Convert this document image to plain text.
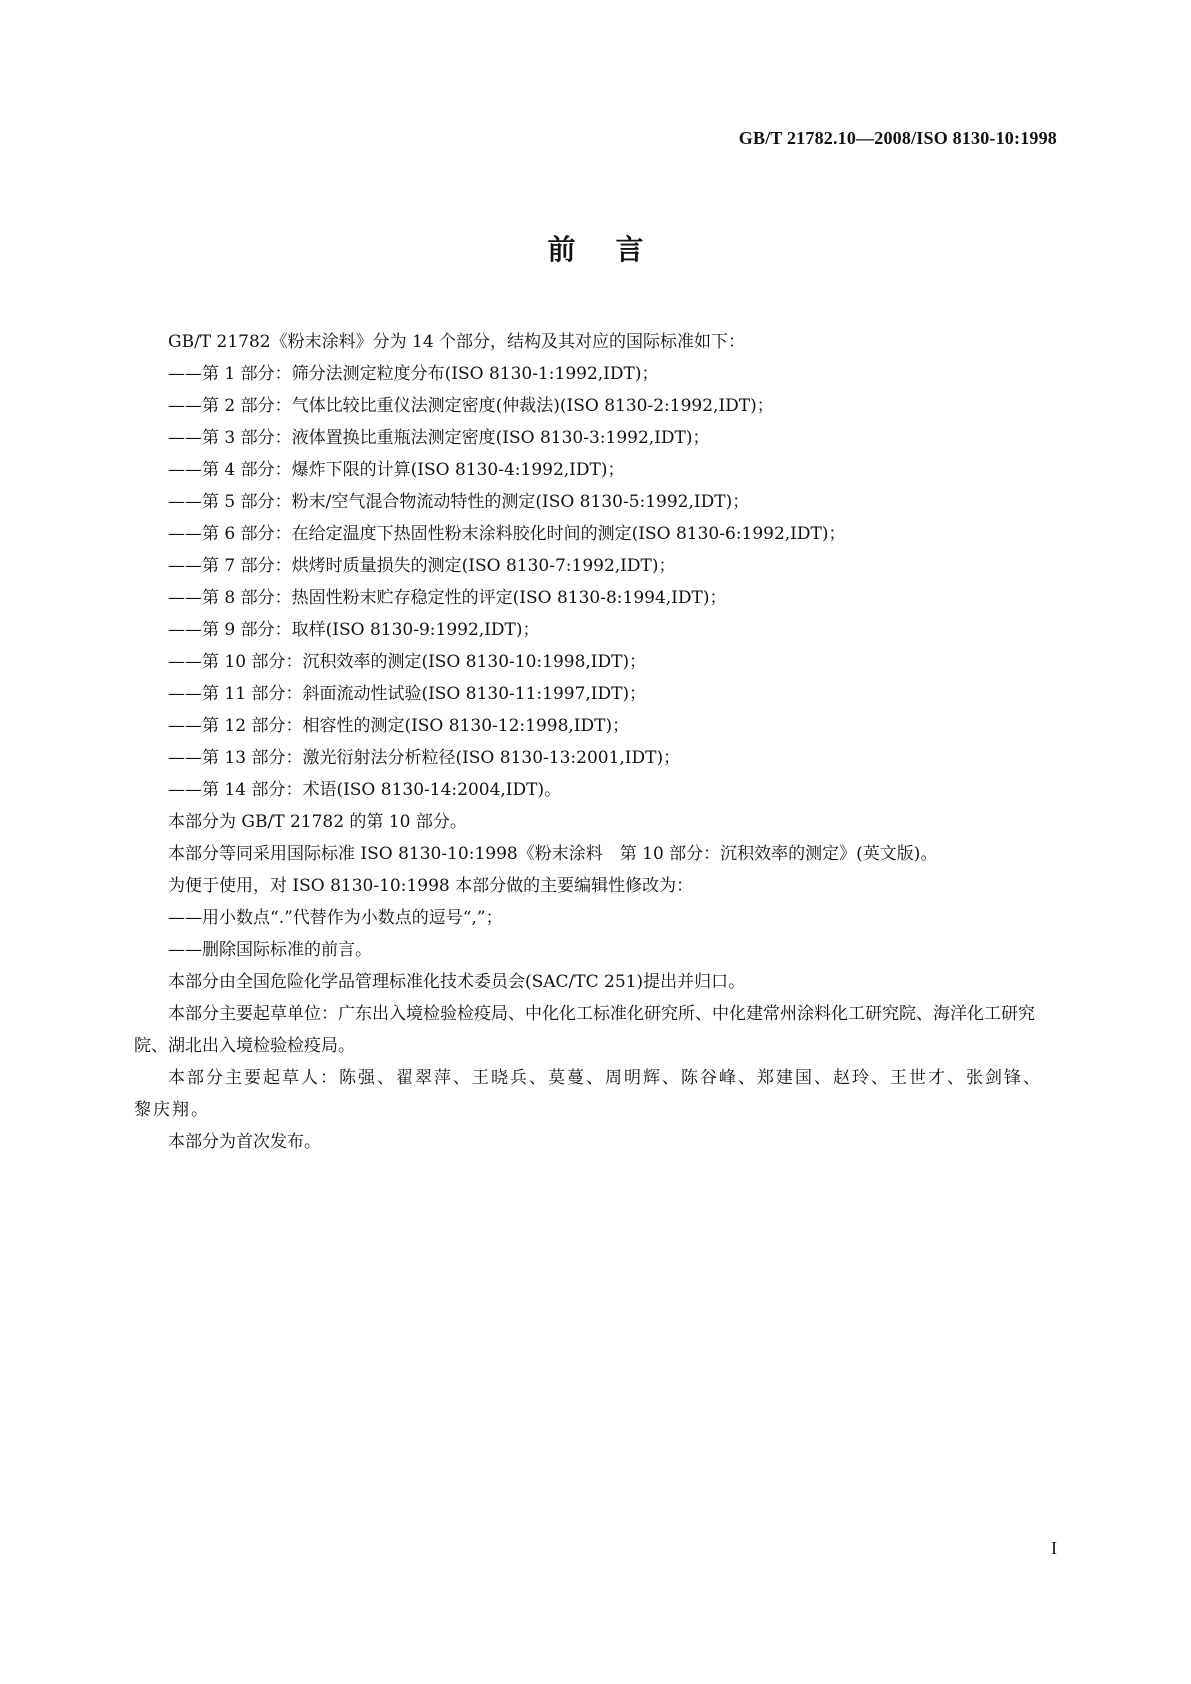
GB/T 21782.10—2008/ISO 8130-10:1998
前言

GB/T 21782《粉末涂料》分为 14 个部分，结构及其对应的国际标准如下：

——第 1 部分：筛分法测定粒度分布(ISO 8130-1:1992,IDT)；

——第 2 部分：气体比较比重仪法测定密度(仲裁法)(ISO 8130-2:1992,IDT)；

——第 3 部分：液体置换比重瓶法测定密度(ISO 8130-3:1992,IDT)；

——第 4 部分：爆炸下限的计算(ISO 8130-4:1992,IDT)；

——第 5 部分：粉末/空气混合物流动特性的测定(ISO 8130-5:1992,IDT)；

——第 6 部分：在给定温度下热固性粉末涂料胶化时间的测定(ISO 8130-6:1992,IDT)；

——第 7 部分：烘烤时质量损失的测定(ISO 8130-7:1992,IDT)；

——第 8 部分：热固性粉末贮存稳定性的评定(ISO 8130-8:1994,IDT)；

——第 9 部分：取样(ISO 8130-9:1992,IDT)；

——第 10 部分：沉积效率的测定(ISO 8130-10:1998,IDT)；

——第 11 部分：斜面流动性试验(ISO 8130-11:1997,IDT)；

——第 12 部分：相容性的测定(ISO 8130-12:1998,IDT)；

——第 13 部分：激光衍射法分析粒径(ISO 8130-13:2001,IDT)；

——第 14 部分：术语(ISO 8130-14:2004,IDT)。

本部分为 GB/T 21782 的第 10 部分。

本部分等同采用国际标准 ISO 8130-10:1998《粉末涂料　第 10 部分：沉积效率的测定》(英文版)。

为便于使用，对 ISO 8130-10:1998 本部分做的主要编辑性修改为：

——用小数点“.”代替作为小数点的逗号“,”；

——删除国际标准的前言。

本部分由全国危险化学品管理标准化技术委员会(SAC/TC 251)提出并归口。

本部分主要起草单位：广东出入境检验检疫局、中化化工标准化研究所、中化建常州涂料化工研究院、海洋化工研究院、湖北出入境检验检疫局。

本部分主要起草人：陈强、翟翠萍、王晓兵、莫蔓、周明辉、陈谷峰、郑建国、赵玲、王世才、张剑锋、黎庆翔。

本部分为首次发布。

I
